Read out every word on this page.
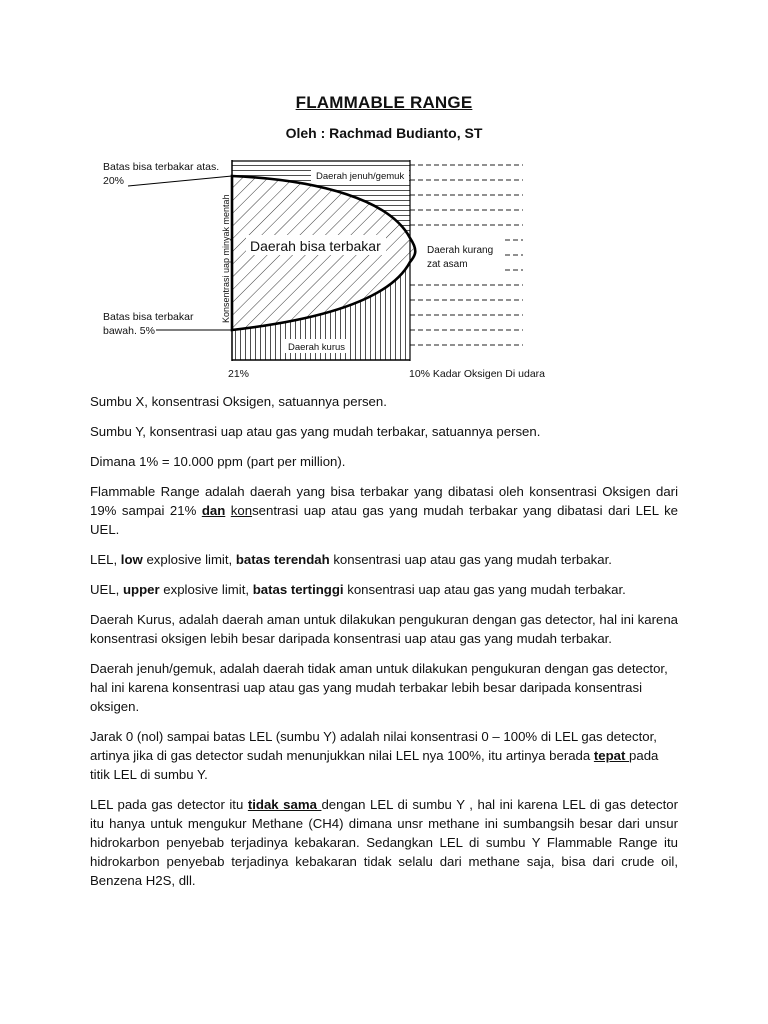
FLAMMABLE RANGE
Oleh : Rachmad Budianto, ST
Batas bisa terbakar atas.
20%
Batas bisa terbakar
bawah. 5%
Konsentrasi uap minyak mentah
Daerah jenuh/gemuk
Daerah bisa terbakar	Daerah kurang
zat asam
Daerah kurus
21%	10% Kadar Oksigen Di udara

Sumbu X, konsentrasi Oksigen, satuannya persen.

Sumbu Y, konsentrasi uap atau gas yang mudah terbakar, satuannya persen.

Dimana 1% = 10.000 ppm (part per million).

Flammable Range adalah daerah yang bisa terbakar yang dibatasi oleh konsentrasi Oksigen dari 19% sampai 21% dan konsentrasi uap atau gas yang mudah terbakar yang dibatasi dari LEL ke UEL.

LEL, low explosive limit, batas terendah konsentrasi uap atau gas yang mudah terbakar.

UEL, upper explosive limit, batas tertinggi konsentrasi uap atau gas yang mudah terbakar.

Daerah Kurus, adalah daerah aman untuk dilakukan pengukuran dengan gas detector, hal ini karena konsentrasi oksigen lebih besar daripada konsentrasi uap atau gas yang mudah terbakar.

Daerah jenuh/gemuk, adalah daerah tidak aman untuk dilakukan pengukuran dengan gas detector, hal ini karena konsentrasi uap atau gas yang mudah terbakar lebih besar daripada konsentrasi oksigen.

Jarak 0 (nol) sampai batas LEL (sumbu Y) adalah nilai konsentrasi 0 – 100% di LEL gas detector, artinya jika di gas detector sudah menunjukkan nilai LEL nya 100%, itu artinya berada tepat pada titik LEL di sumbu Y.

LEL pada gas detector itu tidak sama dengan LEL di sumbu Y , hal ini karena LEL di gas detector itu hanya untuk mengukur Methane (CH4) dimana unsr methane ini sumbangsih besar dari unsur hidrokarbon penyebab terjadinya kebakaran. Sedangkan LEL di sumbu Y Flammable Range itu hidrokarbon penyebab terjadinya kebakaran tidak selalu dari methane saja, bisa dari crude oil, Benzena H2S, dll.
